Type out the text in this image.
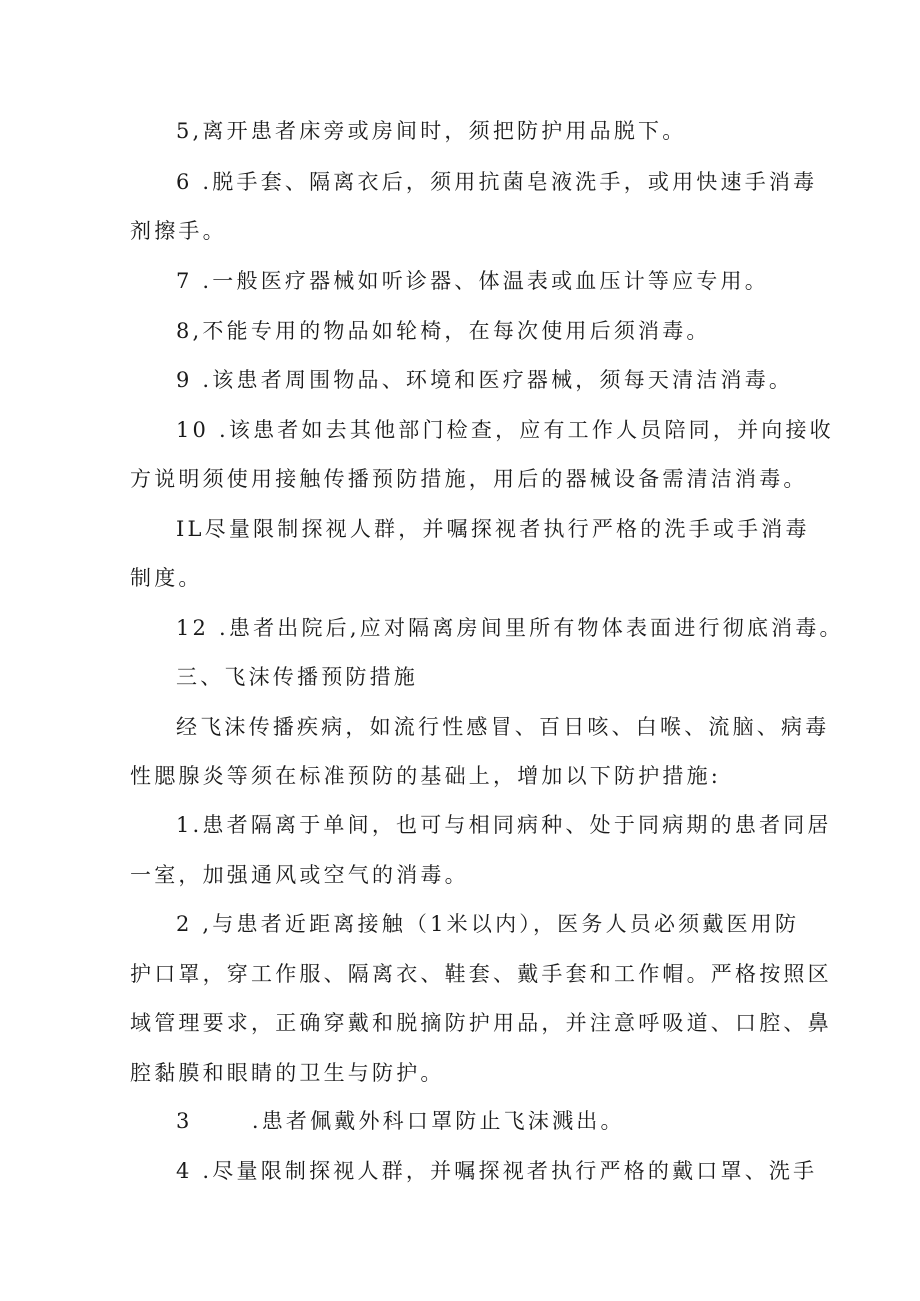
5,离开患者床旁或房间时，须把防护用品脱下。

6 .脱手套、隔离衣后，须用抗菌皂液洗手，或用快速手消毒

剂擦手。

7 .一般医疗器械如听诊器、体温表或血压计等应专用。

8,不能专用的物品如轮椅，在每次使用后须消毒。

9 .该患者周围物品、环境和医疗器械，须每天清洁消毒。

10 .该患者如去其他部门检查，应有工作人员陪同，并向接收

方说明须使用接触传播预防措施，用后的器械设备需清洁消毒。

IL尽量限制探视人群，并嘱探视者执行严格的洗手或手消毒

制度。

12 .患者出院后,应对隔离房间里所有物体表面进行彻底消毒。

三、飞沫传播预防措施

经飞沫传播疾病，如流行性感冒、百日咳、白喉、流脑、病毒

性腮腺炎等须在标准预防的基础上，增加以下防护措施:

1.患者隔离于单间，也可与相同病种、处于同病期的患者同居

一室，加强通风或空气的消毒。

2 ,与患者近距离接触（1米以内），医务人员必须戴医用防

护口罩，穿工作服、隔离衣、鞋套、戴手套和工作帽。严格按照区

域管理要求，正确穿戴和脱摘防护用品，并注意呼吸道、口腔、鼻

腔黏膜和眼睛的卫生与防护。

3      .患者佩戴外科口罩防止飞沫溅出。

4 .尽量限制探视人群，并嘱探视者执行严格的戴口罩、洗手
